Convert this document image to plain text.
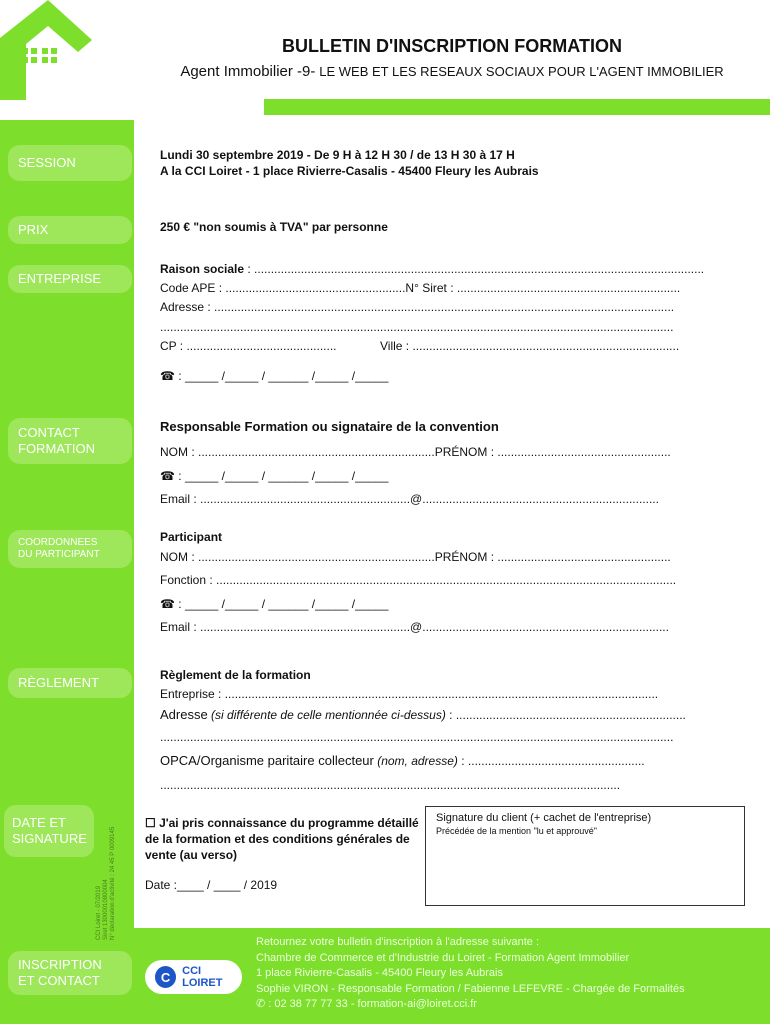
SESSION
PRIX
ENTREPRISE
CONTACT
FORMATION
COORDONNEES
DU PARTICIPANT
RÈGLEMENT
DATE ET
SIGNATURE
CCI Loiret - 07/2019 Siret 13000010800004 N° déclaration d'activité : 24 45 P 0009145
INSCRIPTION
ET CONTACT
BULLETIN D'INSCRIPTION FORMATION
Agent Immobilier -9- LE WEB ET LES RESEAUX SOCIAUX POUR L'AGENT IMMOBILIER
Lundi 30 septembre 2019 - De 9 H à 12 H 30 / de 13 H 30 à 17 H
A la CCI Loiret - 1 place Rivierre-Casalis - 45400 Fleury les Aubrais
250 € "non soumis à TVA" par personne
Raison sociale : .......................................................................................................................................
Code APE : ......................................................N° Siret : ...................................................................
Adresse : ..........................................................................................................................................
..........................................................................................................................................................
CP : .............................................	Ville : ................................................................................
☎ : _____ /_____ / ______ /_____ /_____
Responsable Formation ou signataire de la convention
NOM : .......................................................................PRÉNOM : ....................................................
☎ : _____ /_____ / ______ /_____ /_____
Email : ...............................................................@.......................................................................
Participant
NOM : .......................................................................PRÉNOM : ....................................................
Fonction : ..........................................................................................................................................
☎ : _____ /_____ / ______ /_____ /_____
Email : ...............................................................@..........................................................................
Règlement de la formation
Entreprise : ..................................................................................................................................
Adresse (si différente de celle mentionnée ci-dessus) : .....................................................................
..........................................................................................................................................................
OPCA/Organisme paritaire collecteur (nom, adresse) : .....................................................
..........................................................................................................................................
☐ J'ai pris connaissance du programme détaillé de la formation et des conditions générales de vente (au verso)
Date :____ / ____ / 2019
Signature du client (+ cachet de l'entreprise)
Précédée de la mention "lu et approuvé"
C	CCI LOIRET
Retournez votre bulletin d'inscription à l'adresse suivante :
Chambre de Commerce et d'Industrie du Loiret - Formation Agent Immobilier
1 place Rivierre-Casalis - 45400 Fleury les Aubrais
Sophie VIRON - Responsable Formation / Fabienne LEFEVRE - Chargée de Formalités
✆ : 02 38 77 77 33 - formation-ai@loiret.cci.fr
